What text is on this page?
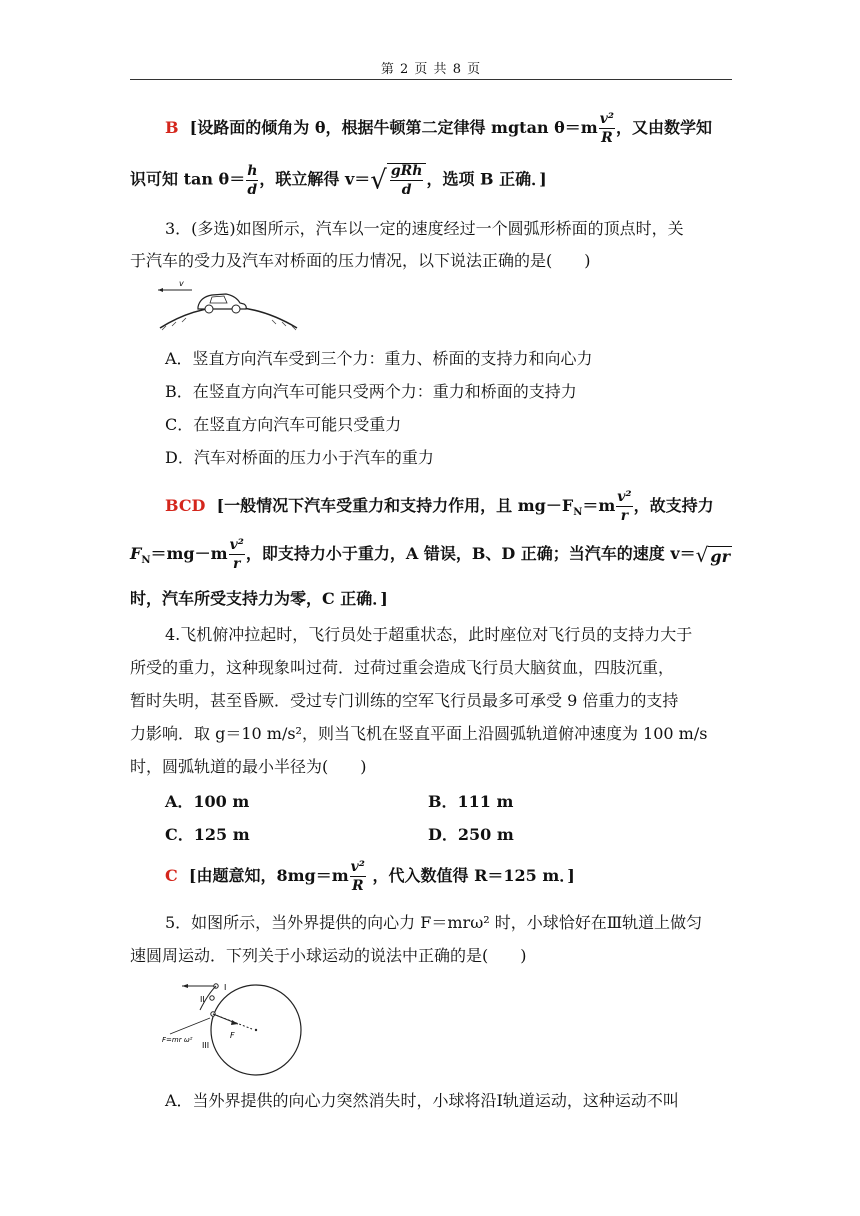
第 2 页 共 8 页
B [设路面的倾角为 θ，根据牛顿第二定律得 mgtan $\theta=m \frac{\text{v²}}{R}$ ，又由数学知
识可知 $\tan \theta= \frac{h}{d}$ ，联立解得 $v=√ \frac{\text{gRh}}{d}$ ，选项 B 正确．]
3．(多选)如图所示，汽车以一定的速度经过一个圆弧形桥面的顶点时，关
于汽车的受力及汽车对桥面的压力情况，以下说法正确的是(　　)
v
A．竖直方向汽车受到三个力：重力、桥面的支持力和向心力
B．在竖直方向汽车可能只受两个力：重力和桥面的支持力
C．在竖直方向汽车可能只受重力
D．汽车对桥面的压力小于汽车的重力
BCD [一般情况下汽车受重力和支持力作用，且 $mg-F_N=m \frac{\text{v²}}{r}$ ，故支持力
$F_N=mg-m \frac{\text{v²}}{r}$ ，即支持力小于重力，A 错误，B、D 正确；当汽车的速度 v＝√ gr
时，汽车所受支持力为零，C 正确．]
4.飞机俯冲拉起时，飞行员处于超重状态，此时座位对飞行员的支持力大于
所受的重力，这种现象叫过荷．过荷过重会造成飞行员大脑贫血，四肢沉重，
暂时失明，甚至昏厥．受过专门训练的空军飞行员最多可承受 9 倍重力的支持
力影响．取 g＝10 m/s²，则当飞机在竖直平面上沿圆弧轨道俯冲速度为 100 m/s
时，圆弧轨道的最小半径为(　　)
A．100 m	B．111 m
C．125 m	D．250 m
C [由题意知，$8mg=m \frac{\text{v²}}{R}$ ，代入数值得 R＝125 m．]
5．如图所示，当外界提供的向心力 F＝mrω² 时，小球恰好在Ⅲ轨道上做匀
速圆周运动．下列关于小球运动的说法中正确的是(　　)
I
II
III
F
F=mr ω²
A．当外界提供的向心力突然消失时，小球将沿Ⅰ轨道运动，这种运动不叫
